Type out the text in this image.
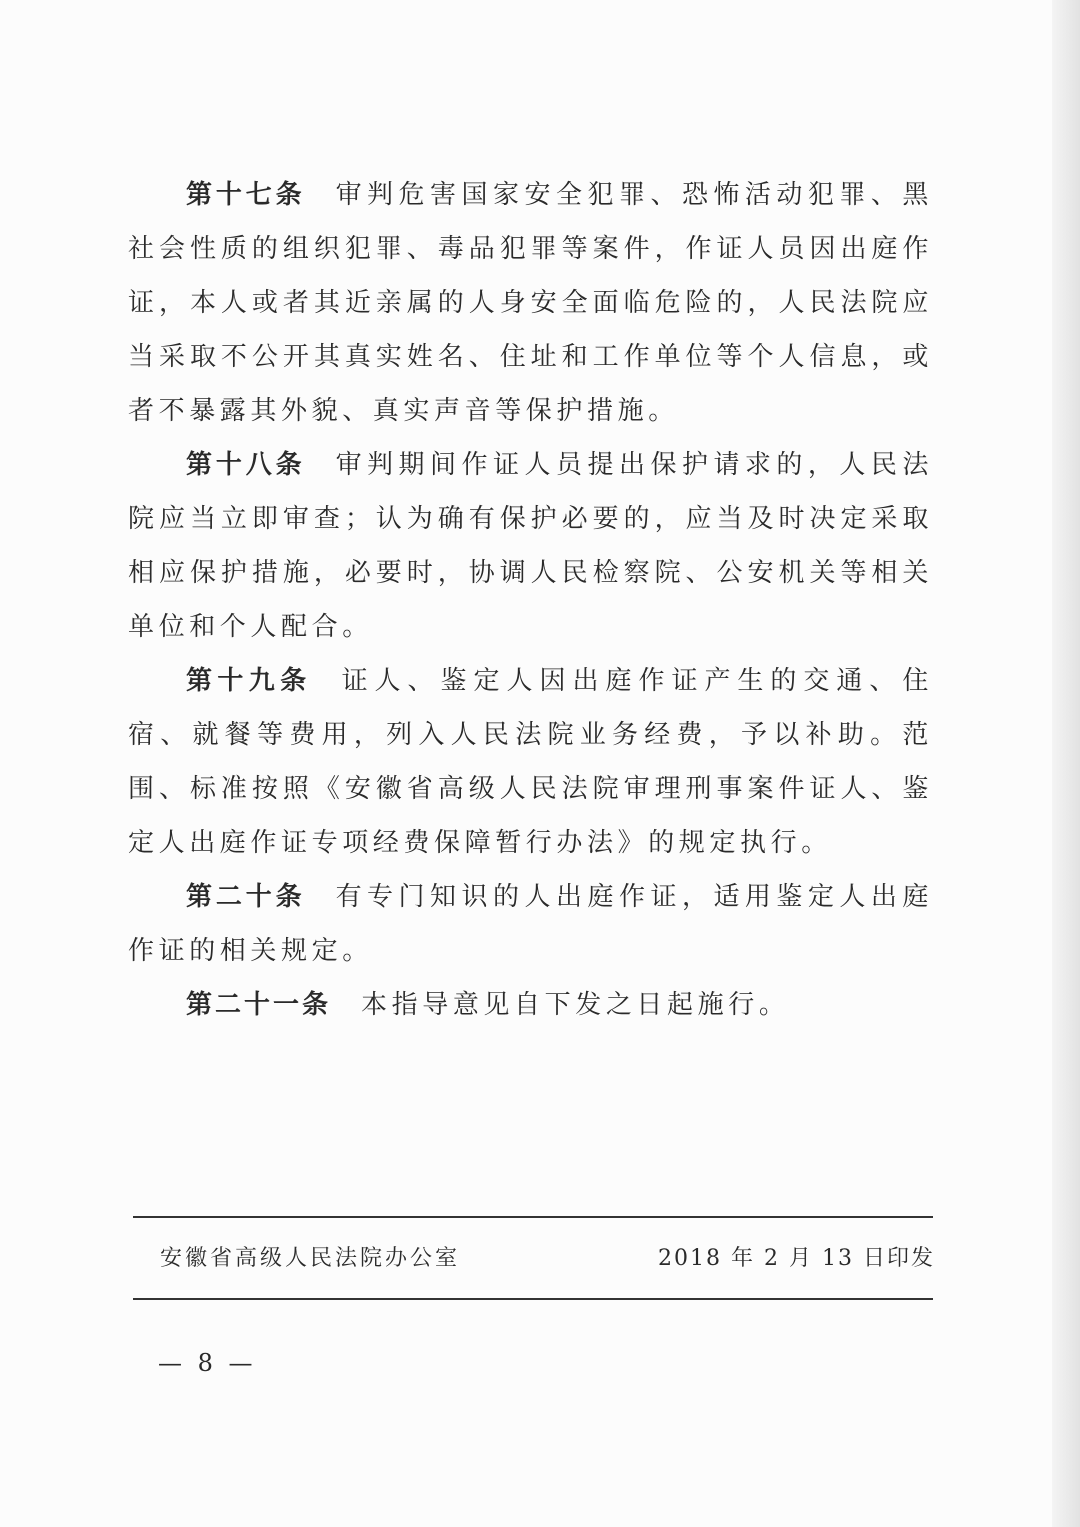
第十七条 审判危害国家安全犯罪、恐怖活动犯罪、黑社会性质的组织犯罪、毒品犯罪等案件，作证人员因出庭作证，本人或者其近亲属的人身安全面临危险的，人民法院应当采取不公开其真实姓名、住址和工作单位等个人信息，或者不暴露其外貌、真实声音等保护措施。

第十八条 审判期间作证人员提出保护请求的，人民法院应当立即审查；认为确有保护必要的，应当及时决定采取相应保护措施，必要时，协调人民检察院、公安机关等相关单位和个人配合。

第十九条 证人、鉴定人因出庭作证产生的交通、住宿、就餐等费用，列入人民法院业务经费，予以补助。范围、标准按照《安徽省高级人民法院审理刑事案件证人、鉴定人出庭作证专项经费保障暂行办法》的规定执行。

第二十条 有专门知识的人出庭作证，适用鉴定人出庭作证的相关规定。

第二十一条 本指导意见自下发之日起施行。

安徽省高级人民法院办公室	2018 年 2 月 13 日印发
— 8 —
